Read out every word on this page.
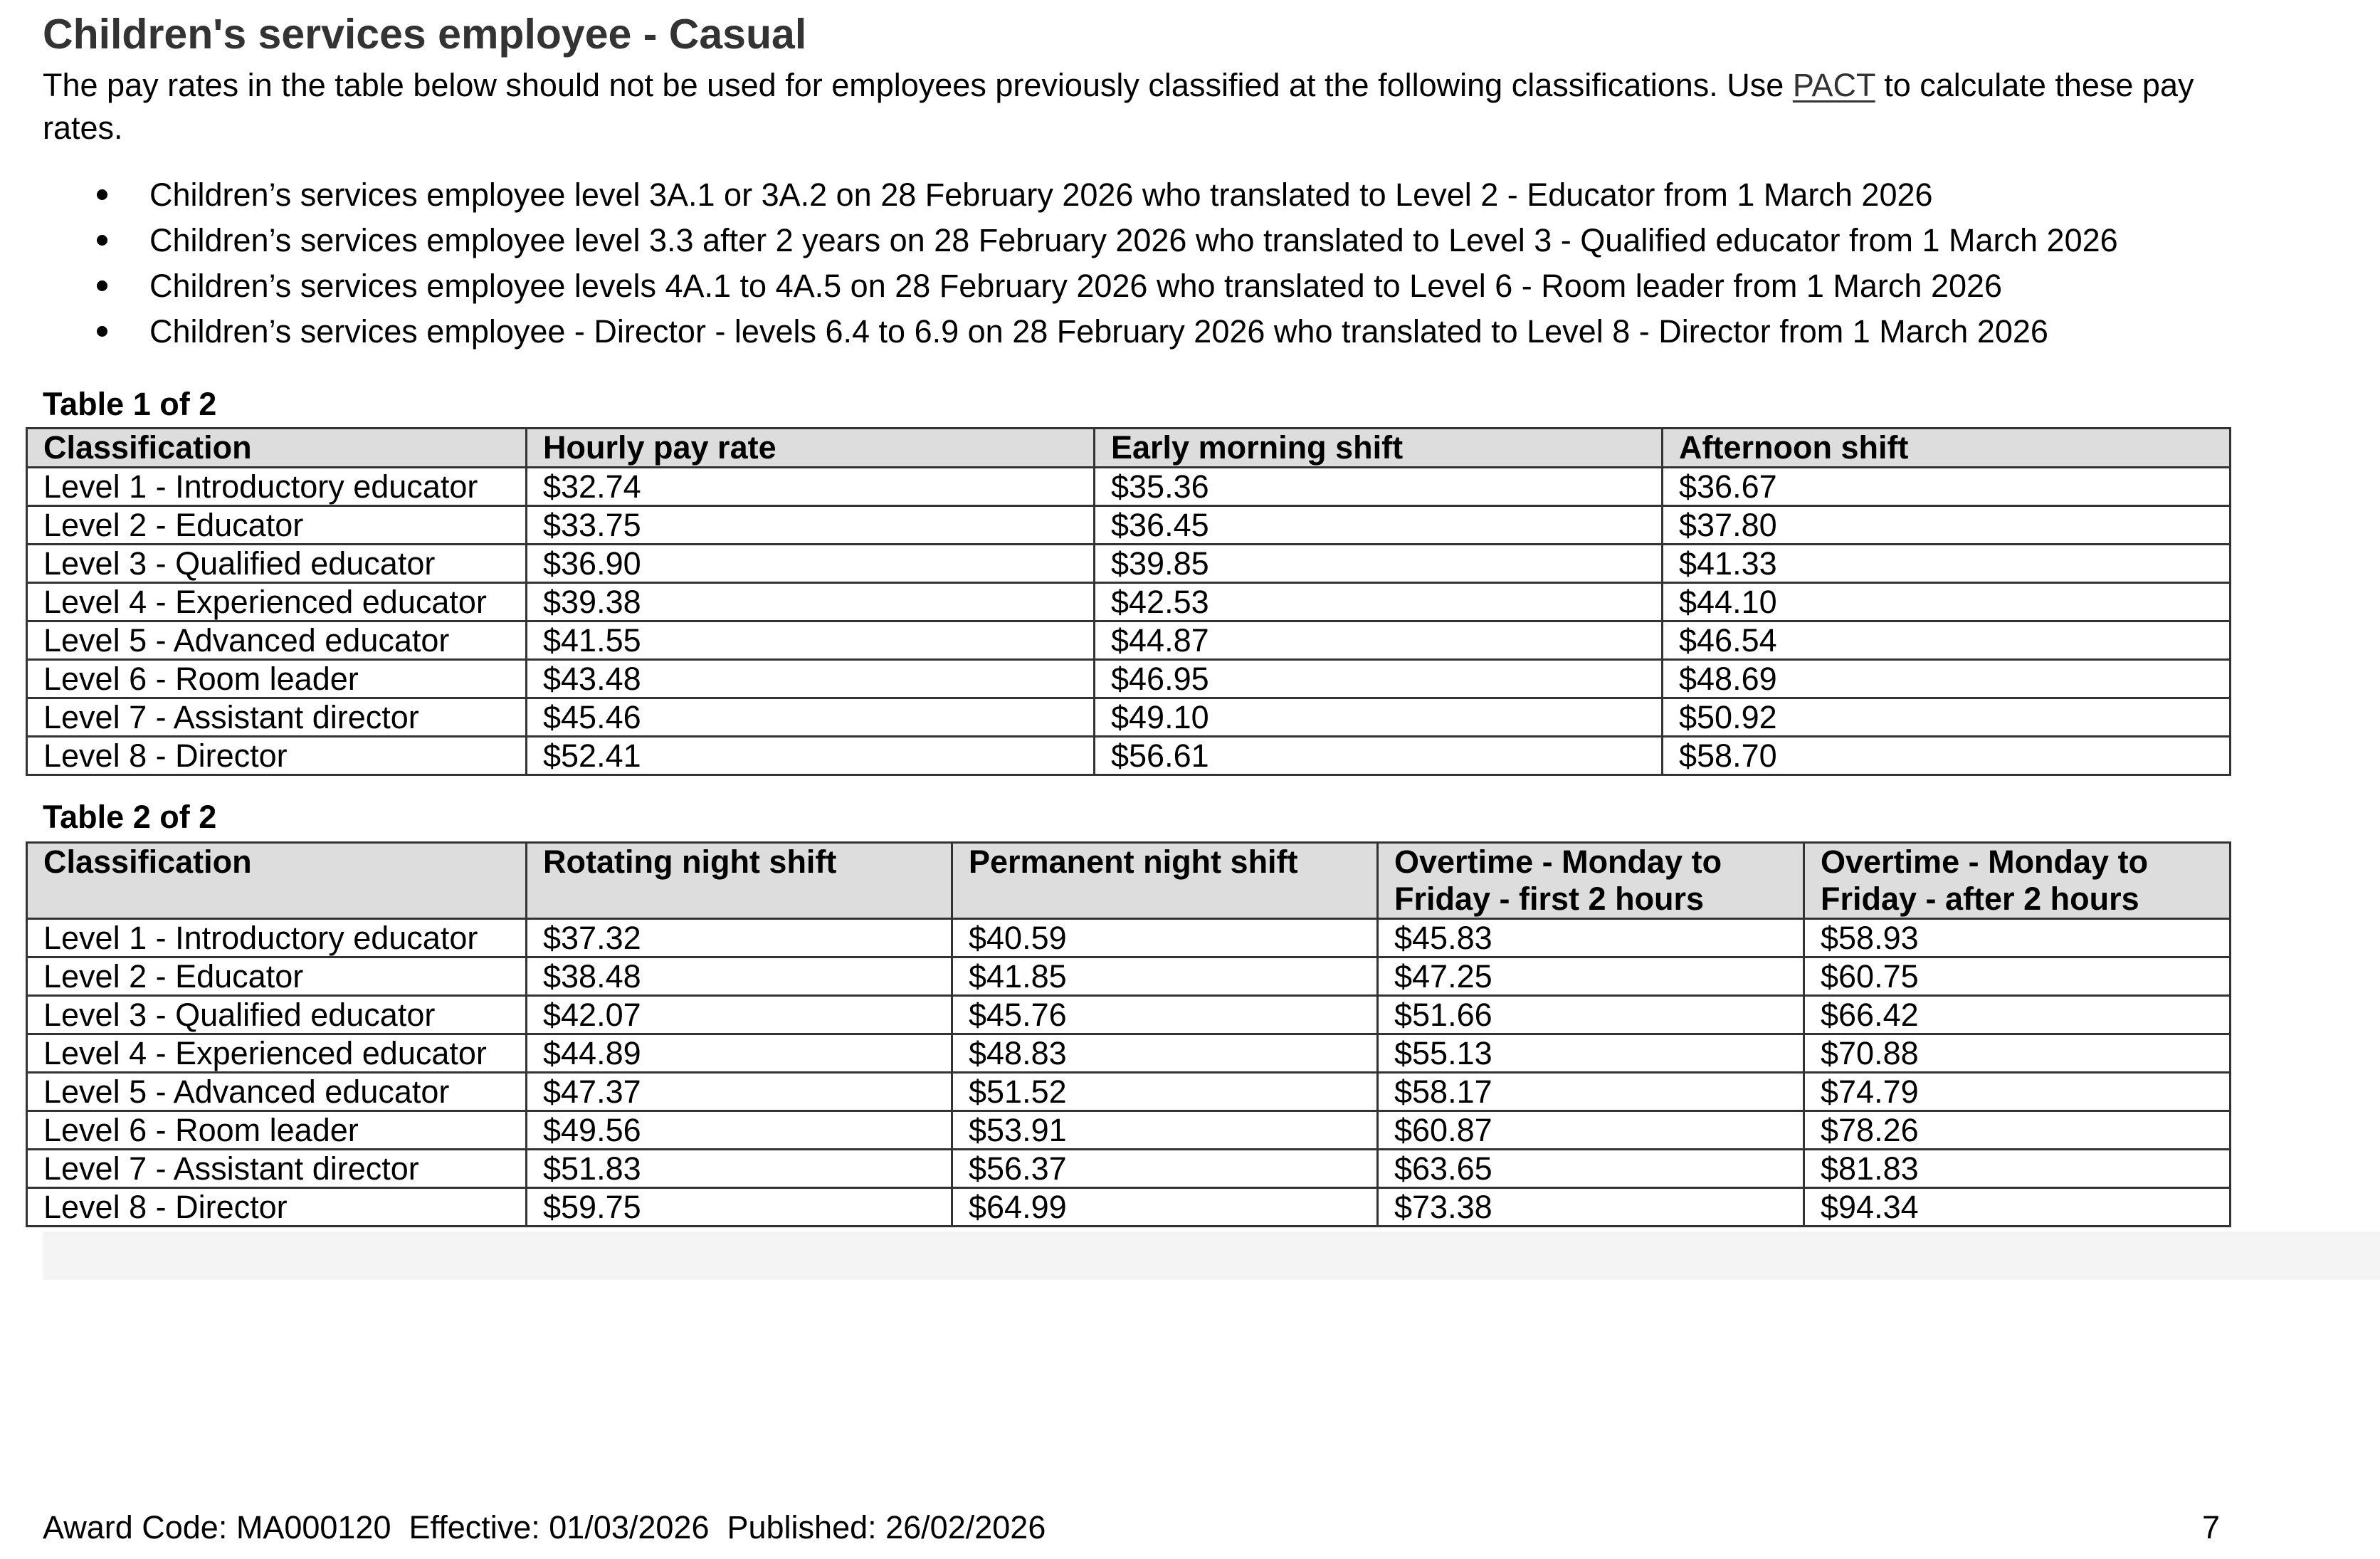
Children's services employee - Casual

The pay rates in the table below should not be used for employees previously classified at the following classifications. Use PACT to calculate these pay rates.

Children’s services employee level 3A.1 or 3A.2 on 28 February 2026 who translated to Level 2 - Educator from 1 March 2026
Children’s services employee level 3.3 after 2 years on 28 February 2026 who translated to Level 3 - Qualified educator from 1 March 2026
Children’s services employee levels 4A.1 to 4A.5 on 28 February 2026 who translated to Level 6 - Room leader from 1 March 2026
Children’s services employee - Director - levels 6.4 to 6.9 on 28 February 2026 who translated to Level 8 - Director from 1 March 2026

Table 1 of 2

Classification	Hourly pay rate	Early morning shift	Afternoon shift
Level 1 - Introductory educator	$32.74	$35.36	$36.67
Level 2 - Educator	$33.75	$36.45	$37.80
Level 3 - Qualified educator	$36.90	$39.85	$41.33
Level 4 - Experienced educator	$39.38	$42.53	$44.10
Level 5 - Advanced educator	$41.55	$44.87	$46.54
Level 6 - Room leader	$43.48	$46.95	$48.69
Level 7 - Assistant director	$45.46	$49.10	$50.92
Level 8 - Director	$52.41	$56.61	$58.70

Table 2 of 2

Classification	Rotating night shift	Permanent night shift	Overtime - Monday to Friday - first 2 hours	Overtime - Monday to Friday - after 2 hours
Level 1 - Introductory educator	$37.32	$40.59	$45.83	$58.93
Level 2 - Educator	$38.48	$41.85	$47.25	$60.75
Level 3 - Qualified educator	$42.07	$45.76	$51.66	$66.42
Level 4 - Experienced educator	$44.89	$48.83	$55.13	$70.88
Level 5 - Advanced educator	$47.37	$51.52	$58.17	$74.79
Level 6 - Room leader	$49.56	$53.91	$60.87	$78.26
Level 7 - Assistant director	$51.83	$56.37	$63.65	$81.83
Level 8 - Director	$59.75	$64.99	$73.38	$94.34
Award Code: MA000120  Effective: 01/03/2026  Published: 26/02/2026	7
